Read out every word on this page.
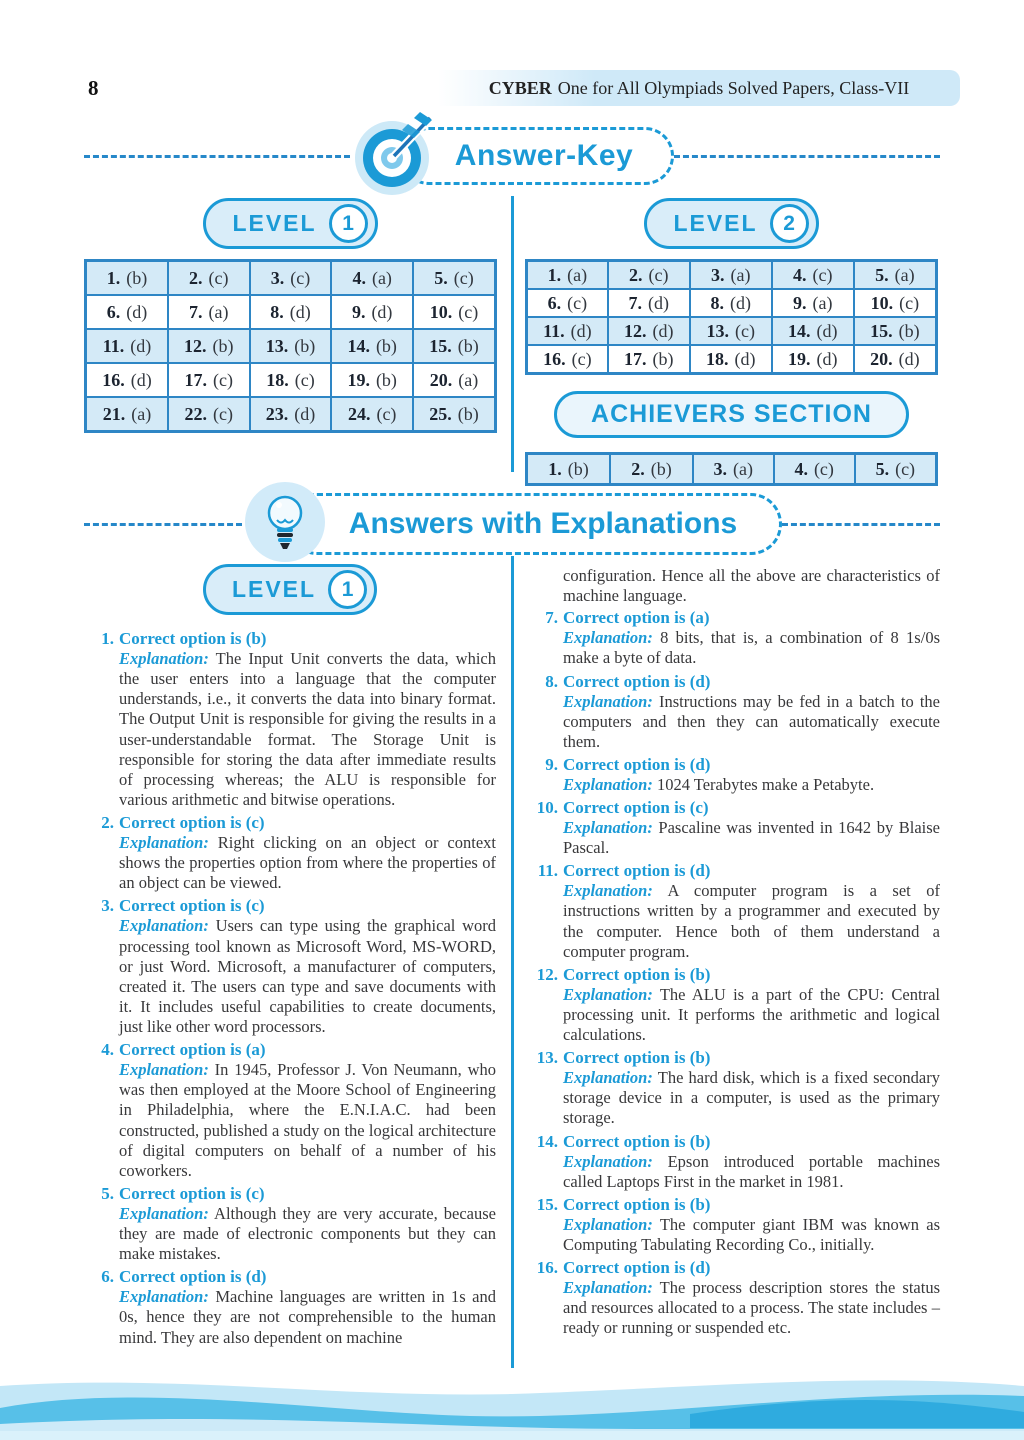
8	CYBER One for All Olympiads Solved Papers, Class-VII
Answer-Key
LEVEL	1
1. (b)	2. (c)	3. (c)	4. (a)	5. (c)
6. (d)	7. (a)	8. (d)	9. (d)	10. (c)
11. (d)	12. (b)	13. (b)	14. (b)	15. (b)
16. (d)	17. (c)	18. (c)	19. (b)	20. (a)
21. (a)	22. (c)	23. (d)	24. (c)	25. (b)
LEVEL	2
1. (a)	2. (c)	3. (a)	4. (c)	5. (a)
6. (c)	7. (d)	8. (d)	9. (a)	10. (c)
11. (d)	12. (d)	13. (c)	14. (d)	15. (b)
16. (c)	17. (b)	18. (d)	19. (d)	20. (d)
ACHIEVERS SECTION
1. (b)	2. (b)	3. (a)	4. (c)	5. (c)
Answers with Explanations
LEVEL	1
1. Correct option is (b)
Explanation: The Input Unit converts the data, which the user enters into a language that the computer understands, i.e., it converts the data into binary format. The Output Unit is responsible for giving the results in a user-understandable format. The Storage Unit is responsible for storing the data after immediate results of processing whereas; the ALU is responsible for various arithmetic and bitwise operations.
2. Correct option is (c)
Explanation: Right clicking on an object or context shows the properties option from where the properties of an object can be viewed.
3. Correct option is (c)
Explanation: Users can type using the graphical word processing tool known as Microsoft Word, MS-WORD, or just Word. Microsoft, a manufacturer of computers, created it. The users can type and save documents with it. It includes useful capabilities to create documents, just like other word processors.
4. Correct option is (a)
Explanation: In 1945, Professor J. Von Neumann, who was then employed at the Moore School of Engineering in Philadelphia, where the E.N.I.A.C. had been constructed, published a study on the logical architecture of digital computers on behalf of a number of his coworkers.
5. Correct option is (c)
Explanation: Although they are very accurate, because they are made of electronic components but they can make mistakes.
6. Correct option is (d)
Explanation: Machine languages are written in 1s and 0s, hence they are not comprehensible to the human mind. They are also dependent on machine

configuration. Hence all the above are characteristics of machine language.

7. Correct option is (a)
Explanation: 8 bits, that is, a combination of 8 1s/0s make a byte of data.
8. Correct option is (d)
Explanation: Instructions may be fed in a batch to the computers and then they can automatically execute them.
9. Correct option is (d)
Explanation: 1024 Terabytes make a Petabyte.
10. Correct option is (c)
Explanation: Pascaline was invented in 1642 by Blaise Pascal.
11. Correct option is (d)
Explanation: A computer program is a set of instructions written by a programmer and executed by the computer. Hence both of them understand a computer program.
12. Correct option is (b)
Explanation: The ALU is a part of the CPU: Central processing unit. It performs the arithmetic and logical calculations.
13. Correct option is (b)
Explanation: The hard disk, which is a fixed secondary storage device in a computer, is used as the primary storage.
14. Correct option is (b)
Explanation: Epson introduced portable machines called Laptops First in the market in 1981.
15. Correct option is (b)
Explanation: The computer giant IBM was known as Computing Tabulating Recording Co., initially.
16. Correct option is (d)
Explanation: The process description stores the status and resources allocated to a process. The state includes – ready or running or suspended etc.
